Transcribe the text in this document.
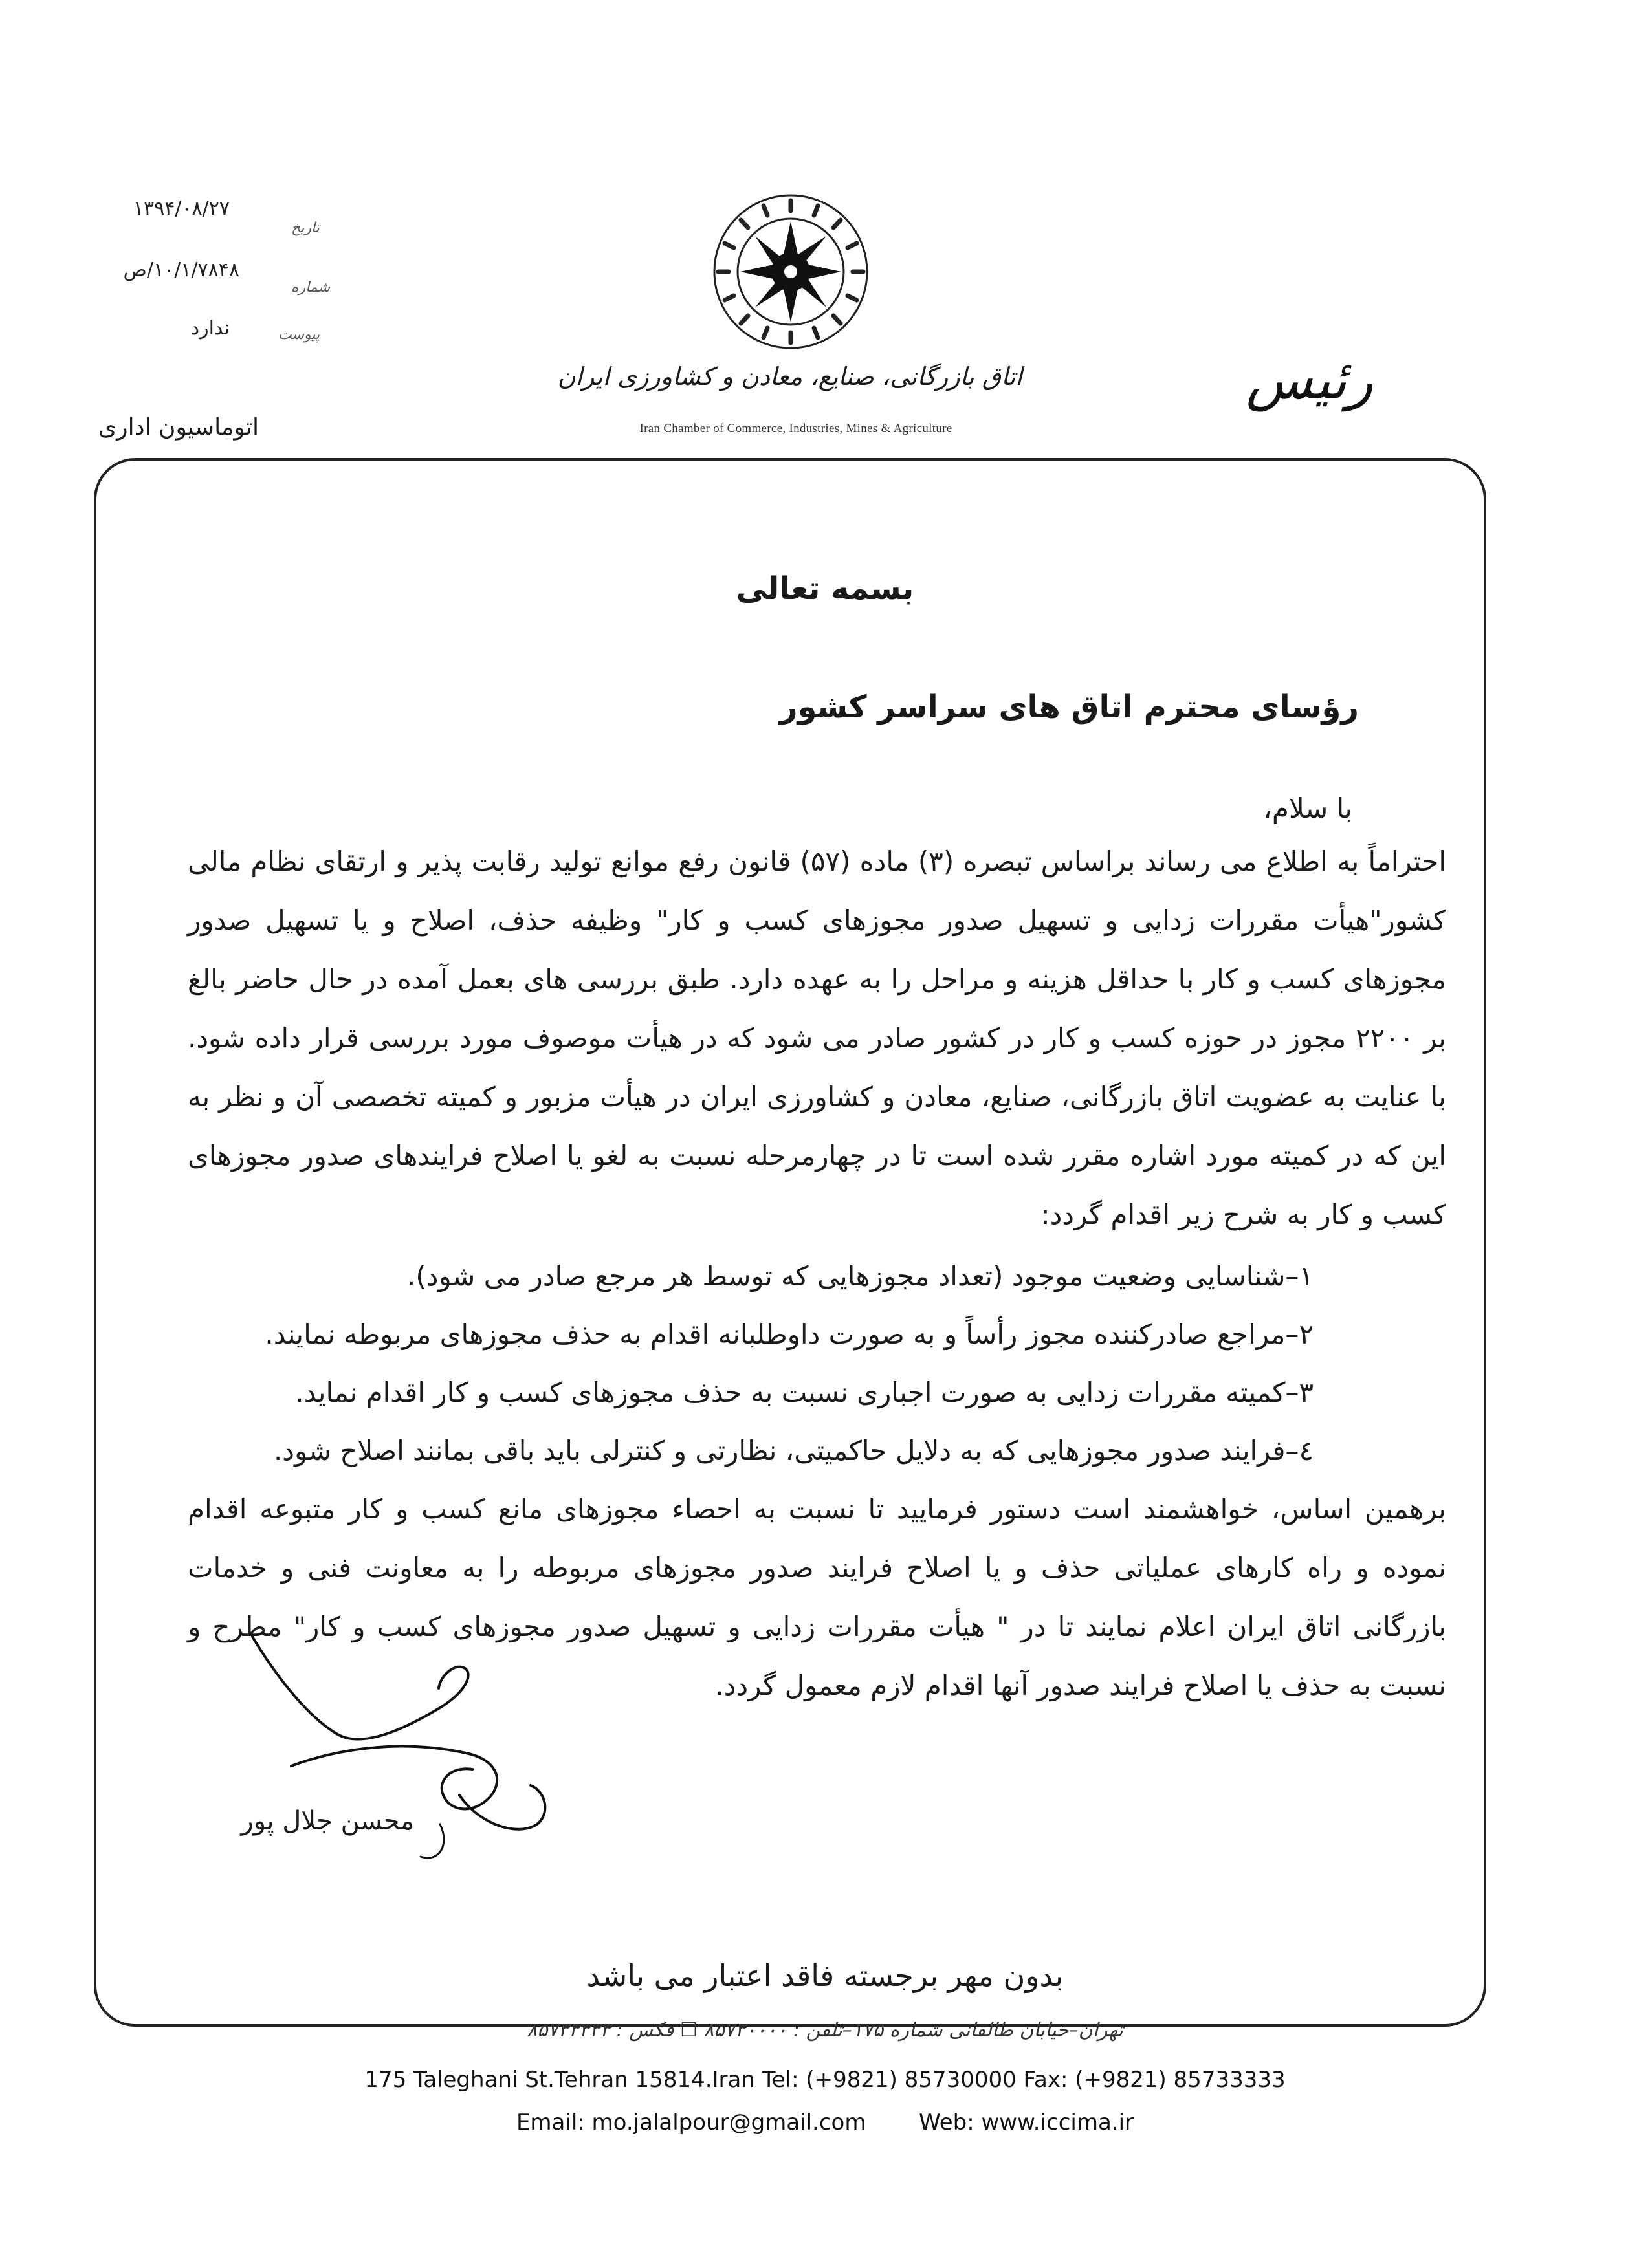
۱۳۹۴/۰۸/۲۷
تاریخ
۱۰/۱/۷۸۴۸/ص
شماره
ندارد	پیوست
اتوماسیون اداری
اتاق بازرگانی، صنایع، معادن و کشاورزی ایران
Iran Chamber of Commerce, Industries, Mines & Agriculture
رئیس
بسمه تعالی
رؤسای محترم اتاق های سراسر کشور
با سلام،
احتراماً به اطلاع می رساند براساس تبصره (۳) ماده (۵۷) قانون رفع موانع تولید رقابت پذیر و ارتقای نظام مالی کشور"هیأت مقررات زدایی و تسهیل صدور مجوزهای کسب و کار" وظیفه حذف، اصلاح و یا تسهیل صدور مجوزهای کسب و کار با حداقل هزینه و مراحل را به عهده دارد. طبق بررسی های بعمل آمده در حال حاضر بالغ بر ۲۲۰۰ مجوز در حوزه کسب و کار در کشور صادر می شود که در هیأت موصوف مورد بررسی قرار داده شود. با عنایت به عضویت اتاق بازرگانی، صنایع، معادن و کشاورزی ایران در هیأت مزبور و کمیته تخصصی آن و نظر به این که در کمیته مورد اشاره مقرر شده است تا در چهارمرحله نسبت به لغو یا اصلاح فرایندهای صدور مجوزهای کسب و کار به شرح زیر اقدام گردد:
۱–شناسایی وضعیت موجود (تعداد مجوزهایی که توسط هر مرجع صادر می شود).
۲–مراجع صادرکننده مجوز رأساً و به صورت داوطلبانه اقدام به حذف مجوزهای مربوطه نمایند.
۳–کمیته مقررات زدایی به صورت اجباری نسبت به حذف مجوزهای کسب و کار اقدام نماید.
٤–فرایند صدور مجوزهایی که به دلایل حاکمیتی، نظارتی و کنترلی باید باقی بمانند اصلاح شود.
برهمین اساس، خواهشمند است دستور فرمایید تا نسبت به احصاء مجوزهای مانع کسب و کار متبوعه اقدام نموده و راه کارهای عملیاتی حذف و یا اصلاح فرایند صدور مجوزهای مربوطه را به معاونت فنی و خدمات بازرگانی اتاق ایران اعلام نمایند تا در " هیأت مقررات زدایی و تسهیل صدور مجوزهای کسب و کار" مطرح و نسبت به حذف یا اصلاح فرایند صدور آنها اقدام لازم معمول گردد.
محسن جلال پور
بدون مهر برجسته فاقد اعتبار می باشد
تهران–خیابان طالقانی شماره ۱۷۵–تلفن : ۸۵۷۳۰۰۰۰ ☐ فکس : ۸۵۷۳۳۳۳۳
175 Taleghani St.Tehran 15814.Iran Tel: (+9821) 85730000 Fax: (+9821) 85733333
Email: mo.jalalpour@gmail.com Web: www.iccima.ir
